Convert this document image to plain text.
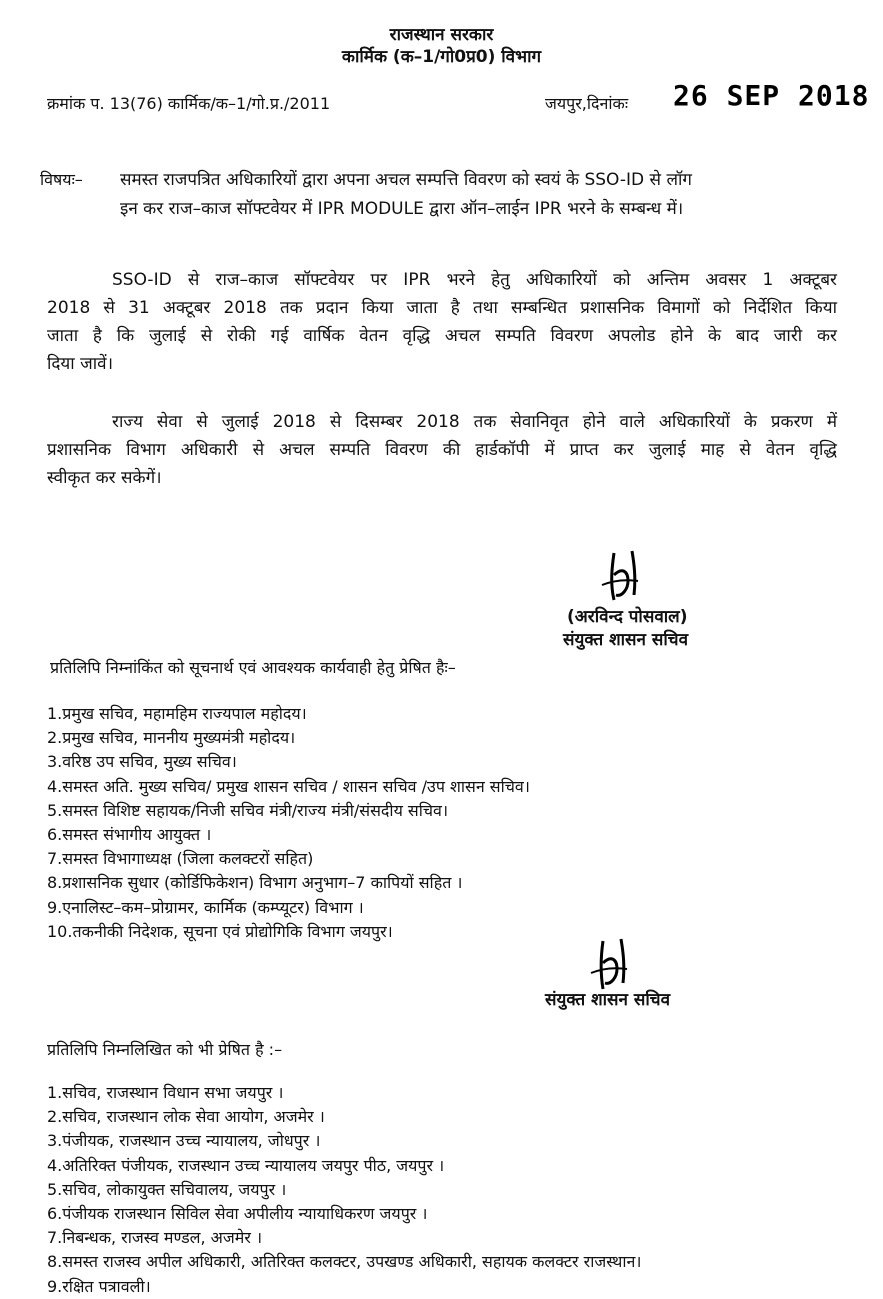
राजस्थान सरकार
कार्मिक (क–1/गो0प्र0) विभाग
क्रमांक प. 13(76) कार्मिक/क–1/गो.प्र./2011	जयपुर,दिनांकः 26 SEP 2018
विषयः– समस्त राजपत्रित अधिकारियों द्वारा अपना अचल सम्पत्ति विवरण को स्वयं के SSO-ID से लॉग
इन कर राज–काज सॉफ्टवेयर में IPR MODULE द्वारा ऑन–लाईन IPR भरने के सम्बन्ध में।
SSO-ID से राज–काज सॉफ्टवेयर पर IPR भरने हेतु अधिकारियों को अन्तिम अवसर 1 अक्टूबर
2018 से 31 अक्टूबर 2018 तक प्रदान किया जाता है तथा सम्बन्धित प्रशासनिक विमागों को निर्देशित किया
जाता है कि जुलाई से रोकी गई वार्षिक वेतन वृद्धि अचल सम्पति विवरण अपलोड होने के बाद जारी कर
दिया जावें।
राज्य सेवा से जुलाई 2018 से दिसम्बर 2018 तक सेवानिवृत होने वाले अधिकारियों के प्रकरण में
प्रशासनिक विभाग अधिकारी से अचल सम्पति विवरण की हार्डकॉपी में प्राप्त कर जुलाई माह से वेतन वृद्धि
स्वीकृत कर सकेगें।
(अरविन्द पोसवाल)
संयुक्त शासन सचिव
प्रतिलिपि निम्नांकिंत को सूचनार्थ एवं आवश्यक कार्यवाही हेतु प्रेषित हैः–
1.प्रमुख सचिव, महामहिम राज्यपाल महोदय।
2.प्रमुख सचिव, माननीय मुख्यमंत्री महोदय।
3.वरिष्ठ उप सचिव, मुख्य सचिव।
4.समस्त अति. मुख्य सचिव/ प्रमुख शासन सचिव / शासन सचिव /उप शासन सचिव।
5.समस्त विशिष्ट सहायक/निजी सचिव मंत्री/राज्य मंत्री/संसदीय सचिव।
6.समस्त संभागीय आयुक्त ।
7.समस्त विभागाध्यक्ष (जिला कलक्टरों सहित)
8.प्रशासनिक सुधार (कोर्डिफिकेशन) विभाग अनुभाग–7 कापियों सहित ।
9.एनालिस्ट–कम–प्रोग्रामर, कार्मिक (कम्प्यूटर) विभाग ।
10.तकनीकी निदेशक, सूचना एवं प्रोद्योगिकि विभाग जयपुर।
संयुक्त शासन सचिव
प्रतिलिपि निम्नलिखित को भी प्रेषित है :–
1.सचिव, राजस्थान विधान सभा जयपुर ।
2.सचिव, राजस्थान लोक सेवा आयोग, अजमेर ।
3.पंजीयक, राजस्थान उच्च न्यायालय, जोधपुर ।
4.अतिरिक्त पंजीयक, राजस्थान उच्च न्यायालय जयपुर पीठ, जयपुर ।
5.सचिव, लोकायुक्त सचिवालय, जयपुर ।
6.पंजीयक राजस्थान सिविल सेवा अपीलीय न्यायाधिकरण जयपुर ।
7.निबन्धक, राजस्व मण्डल, अजमेर ।
8.समस्त राजस्व अपील अधिकारी, अतिरिक्त कलक्टर, उपखण्ड अधिकारी, सहायक कलक्टर राजस्थान।
9.रक्षित पत्रावली।
